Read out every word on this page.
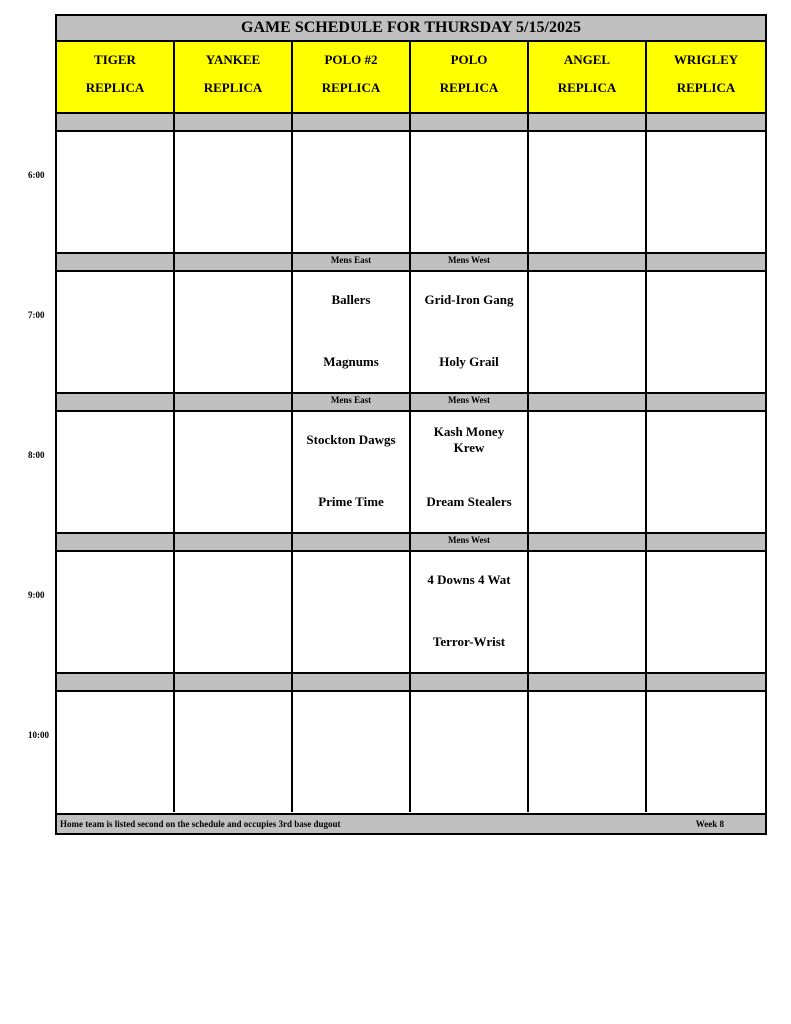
GAME SCHEDULE FOR THURSDAY 5/15/2025
Home team is listed second on the schedule and occupies 3rd base dugout	Week 8
TIGER
REPLICA
YANKEE
REPLICA
POLO #2
REPLICA
POLO
REPLICA
ANGEL
REPLICA
WRIGLEY
REPLICA
Mens East
Ballers
Magnums
Mens West
Grid-Iron Gang
Holy Grail
Mens East
Stockton Dawgs
Prime Time
Mens West
Kash Money Krew
Dream Stealers
Mens West
4 Downs 4 Wat
Terror-Wrist
6:00
7:00
8:00
9:00
10:00
